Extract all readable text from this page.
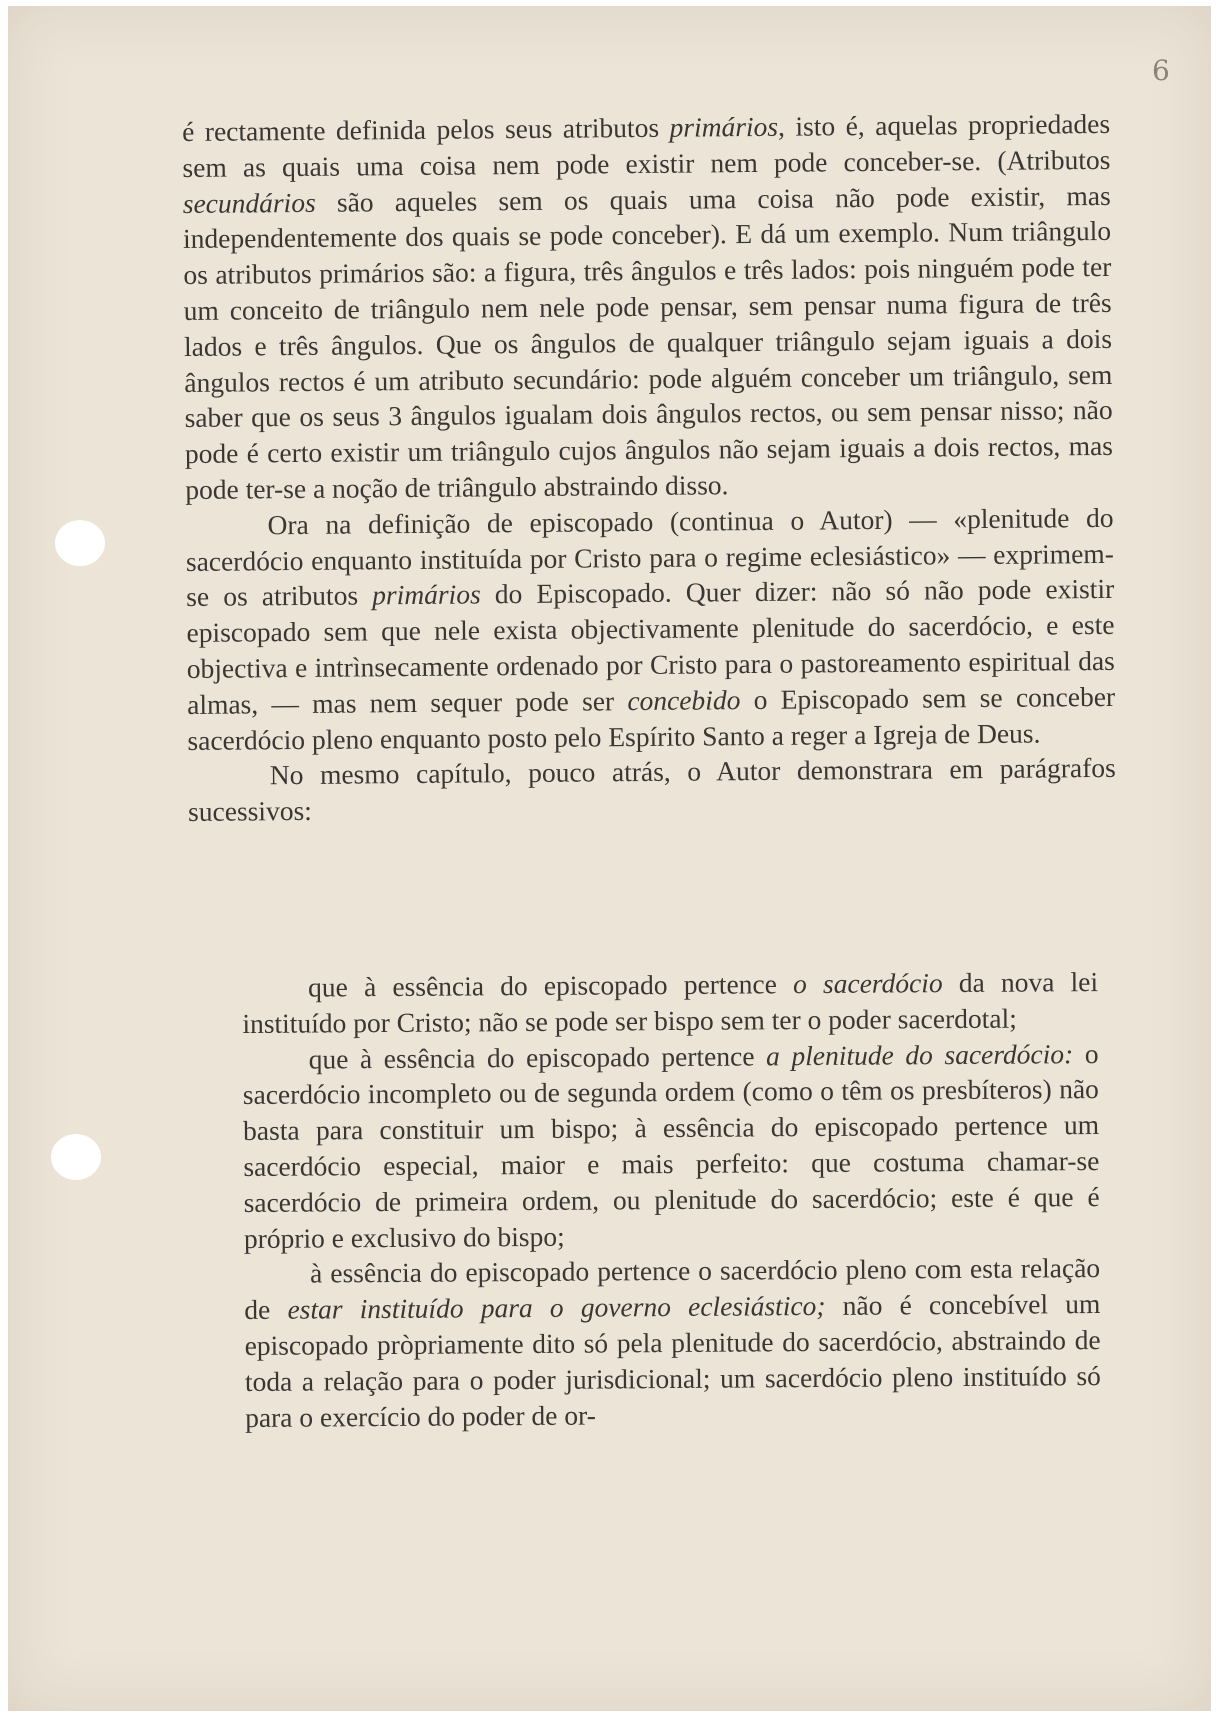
6

é rectamente definida pelos seus atributos primários, isto é, aquelas propriedades sem as quais uma coisa nem pode existir nem pode conceber-se. (Atributos secundários são aqueles sem os quais uma coisa não pode existir, mas independentemente dos quais se pode conceber). E dá um exemplo. Num triângulo os atributos primários são: a figura, três ângulos e três lados: pois ninguém pode ter um conceito de triângulo nem nele pode pensar, sem pensar numa figura de três lados e três ângulos. Que os ângulos de qualquer triângulo sejam iguais a dois ângulos rectos é um atributo secundário: pode alguém conceber um triângulo, sem saber que os seus 3 ângulos igualam dois ângulos rectos, ou sem pensar nisso; não pode é certo existir um triângulo cujos ângulos não sejam iguais a dois rectos, mas pode ter-se a noção de triângulo abstraindo disso.

Ora na definição de episcopado (continua o Autor) — «plenitude do sacerdócio enquanto instituída por Cristo para o regime eclesiástico» — exprimem-se os atributos primários do Episcopado. Quer dizer: não só não pode existir episcopado sem que nele exista objectivamente plenitude do sacerdócio, e este objectiva e intrìnsecamente ordenado por Cristo para o pastoreamento espiritual das almas, — mas nem sequer pode ser concebido o Episcopado sem se conceber sacerdócio pleno enquanto posto pelo Espírito Santo a reger a Igreja de Deus.

No mesmo capítulo, pouco atrás, o Autor demonstrara em parágrafos sucessivos:

que à essência do episcopado pertence o sacerdócio da nova lei instituído por Cristo; não se pode ser bispo sem ter o poder sacerdotal;

que à essência do episcopado pertence a plenitude do sacerdócio: o sacerdócio incompleto ou de segunda ordem (como o têm os presbíteros) não basta para constituir um bispo; à essência do episcopado pertence um sacerdócio especial, maior e mais perfeito: que costuma chamar-se sacerdócio de primeira ordem, ou plenitude do sacerdócio; este é que é próprio e exclusivo do bispo;

à essência do episcopado pertence o sacerdócio pleno com esta relação de estar instituído para o governo eclesiástico; não é concebível um episcopado pròpriamente dito só pela plenitude do sacerdócio, abstraindo de toda a relação para o poder jurisdicional; um sacerdócio pleno instituído só para o exercício do poder de or-
